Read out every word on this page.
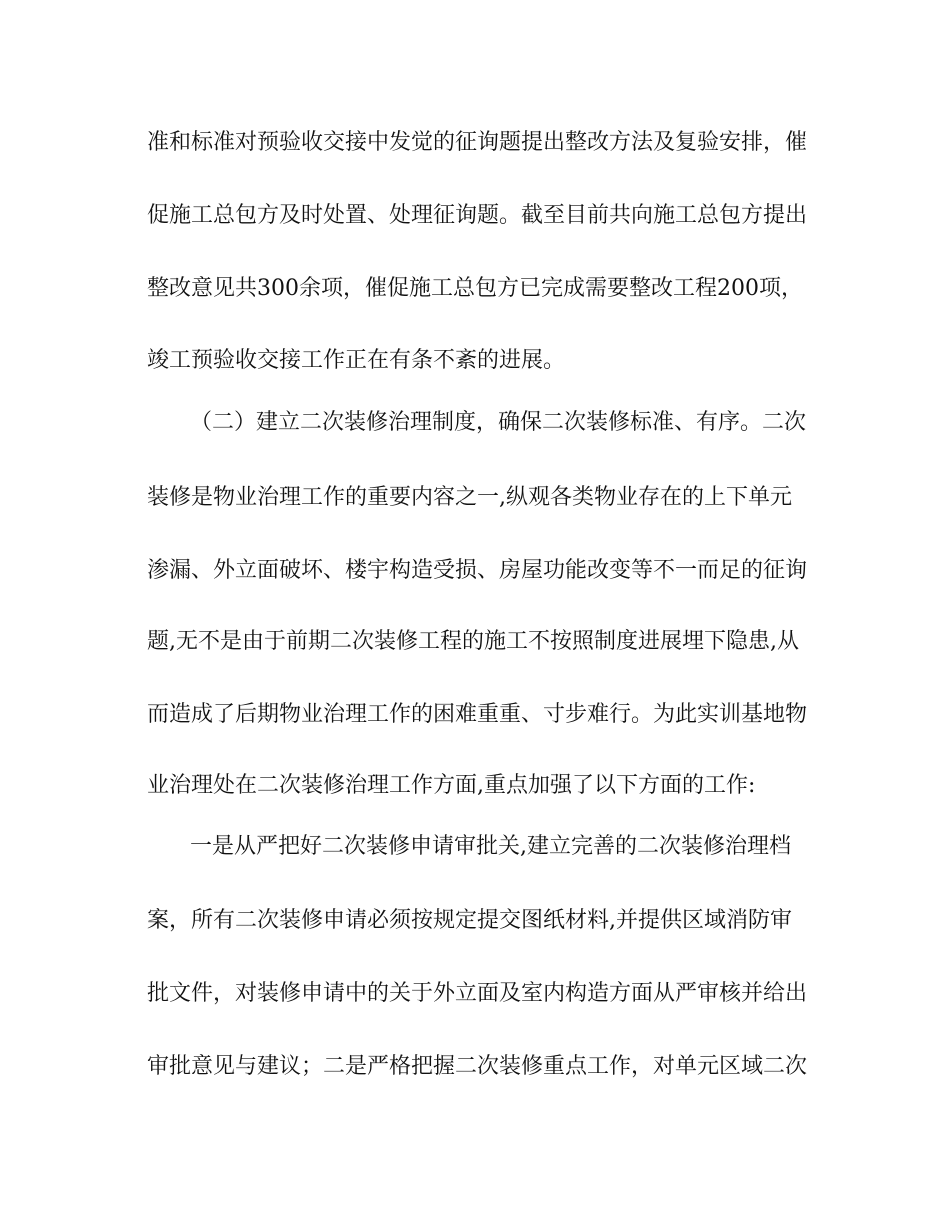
准和标准对预验收交接中发觉的征询题提出整改方法及复验安排，催
促施工总包方及时处置、处理征询题。截至目前共向施工总包方提出
整改意见共300余项，催促施工总包方已完成需要整改工程200项，
竣工预验收交接工作正在有条不紊的进展。
（二）建立二次装修治理制度，确保二次装修标准、有序。二次
装修是物业治理工作的重要内容之一,纵观各类物业存在的上下单元
渗漏、外立面破坏、楼宇构造受损、房屋功能改变等不一而足的征询
题,无不是由于前期二次装修工程的施工不按照制度进展埋下隐患,从
而造成了后期物业治理工作的困难重重、寸步难行。为此实训基地物
业治理处在二次装修治理工作方面,重点加强了以下方面的工作:
一是从严把好二次装修申请审批关,建立完善的二次装修治理档
案，所有二次装修申请必须按规定提交图纸材料,并提供区域消防审
批文件，对装修申请中的关于外立面及室内构造方面从严审核并给出
审批意见与建议；二是严格把握二次装修重点工作，对单元区域二次
